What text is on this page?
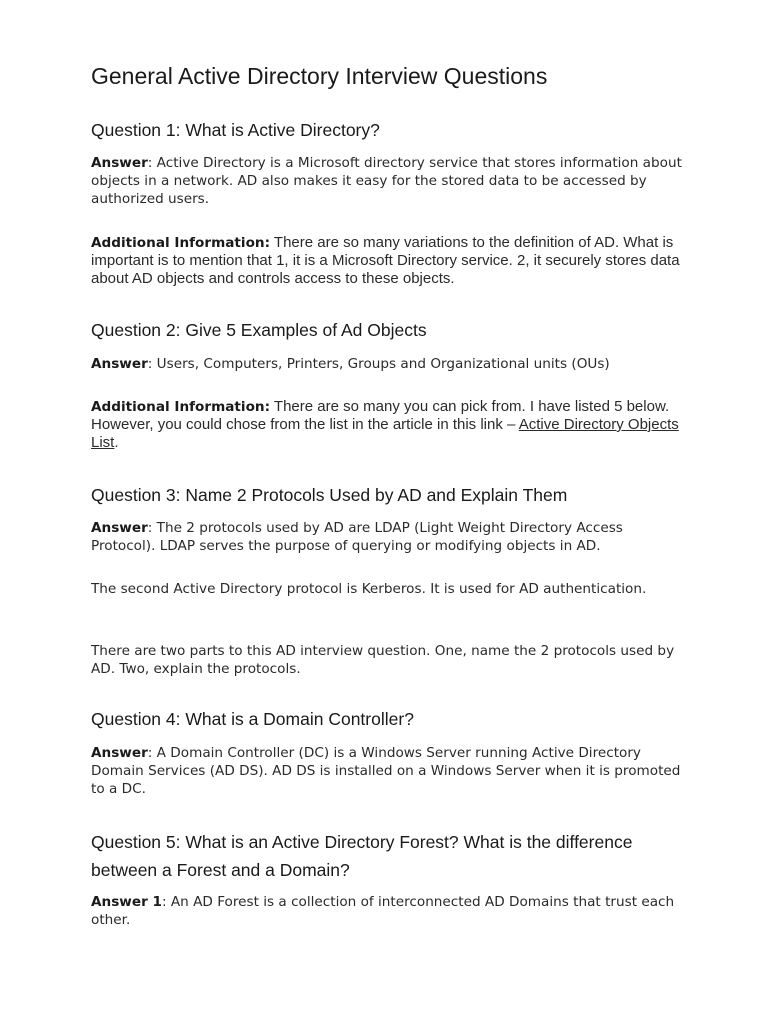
General Active Directory Interview Questions
Question 1: What is Active Directory?

Answer: Active Directory is a Microsoft directory service that stores information about objects in a network. AD also makes it easy for the stored data to be accessed by authorized users.

Additional Information: There are so many variations to the definition of AD. What is important is to mention that 1, it is a Microsoft Directory service. 2, it securely stores data about AD objects and controls access to these objects.

Question 2: Give 5 Examples of Ad Objects

Answer: Users, Computers, Printers, Groups and Organizational units (OUs)

Additional Information: There are so many you can pick from. I have listed 5 below. However, you could chose from the list in the article in this link – Active Directory Objects List.

Question 3: Name 2 Protocols Used by AD and Explain Them

Answer: The 2 protocols used by AD are LDAP (Light Weight Directory Access Protocol). LDAP serves the purpose of querying or modifying objects in AD.

The second Active Directory protocol is Kerberos. It is used for AD authentication.

There are two parts to this AD interview question. One, name the 2 protocols used by AD. Two, explain the protocols.

Question 4: What is a Domain Controller?

Answer: A Domain Controller (DC) is a Windows Server running Active Directory Domain Services (AD DS). AD DS is installed on a Windows Server when it is promoted to a DC.

Question 5: What is an Active Directory Forest? What is the difference between a Forest and a Domain?

Answer 1: An AD Forest is a collection of interconnected AD Domains that trust each other.
